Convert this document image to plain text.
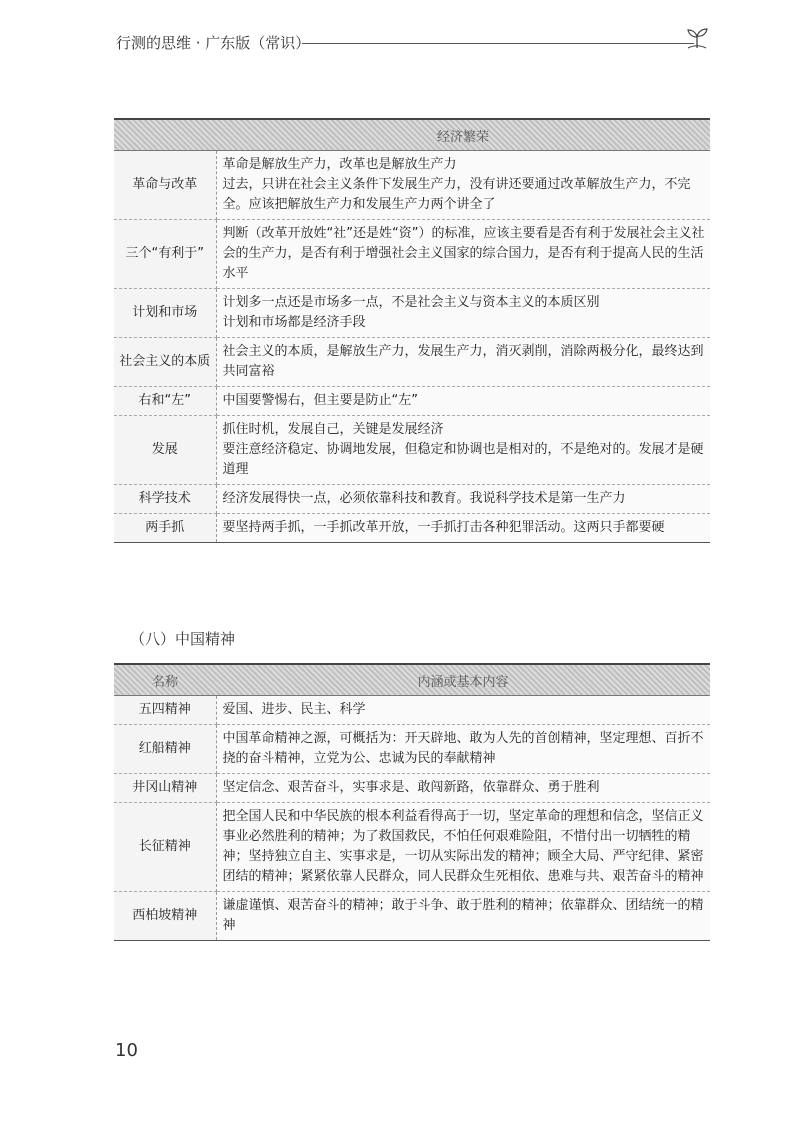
行测的思维 · 广东版（常识）
	经济繁荣
革命与改革	革命是解放生产力，改革也是解放生产力
过去，只讲在社会主义条件下发展生产力，没有讲还要通过改革解放生产力，不完全。应该把解放生产力和发展生产力两个讲全了

三个“有利于”	判断（改革开放姓“社”还是姓“资”）的标准，应该主要看是否有利于发展社会主义社会的生产力，是否有利于增强社会主义国家的综合国力，是否有利于提高人民的生活水平

计划和市场	计划多一点还是市场多一点，不是社会主义与资本主义的本质区别
计划和市场都是经济手段

社会主义的本质	社会主义的本质，是解放生产力，发展生产力，消灭剥削，消除两极分化，最终达到共同富裕

右和“左”	中国要警惕右，但主要是防止“左”

发展	抓住时机，发展自己，关键是发展经济
要注意经济稳定、协调地发展，但稳定和协调也是相对的，不是绝对的。发展才是硬道理

科学技术	经济发展得快一点，必须依靠科技和教育。我说科学技术是第一生产力

两手抓	要坚持两手抓，一手抓改革开放，一手抓打击各种犯罪活动。这两只手都要硬
（八）中国精神
名称	内涵或基本内容
五四精神	爱国、进步、民主、科学

红船精神	中国革命精神之源，可概括为：开天辟地、敢为人先的首创精神，坚定理想、百折不挠的奋斗精神，立党为公、忠诚为民的奉献精神

井冈山精神	坚定信念、艰苦奋斗，实事求是、敢闯新路，依靠群众、勇于胜利

长征精神	把全国人民和中华民族的根本利益看得高于一切，坚定革命的理想和信念，坚信正义事业必然胜利的精神；为了救国救民，不怕任何艰难险阻，不惜付出一切牺牲的精神；坚持独立自主、实事求是，一切从实际出发的精神；顾全大局、严守纪律、紧密团结的精神；紧紧依靠人民群众，同人民群众生死相依、患难与共、艰苦奋斗的精神

西柏坡精神	谦虚谨慎、艰苦奋斗的精神；敢于斗争、敢于胜利的精神；依靠群众、团结统一的精神
10
